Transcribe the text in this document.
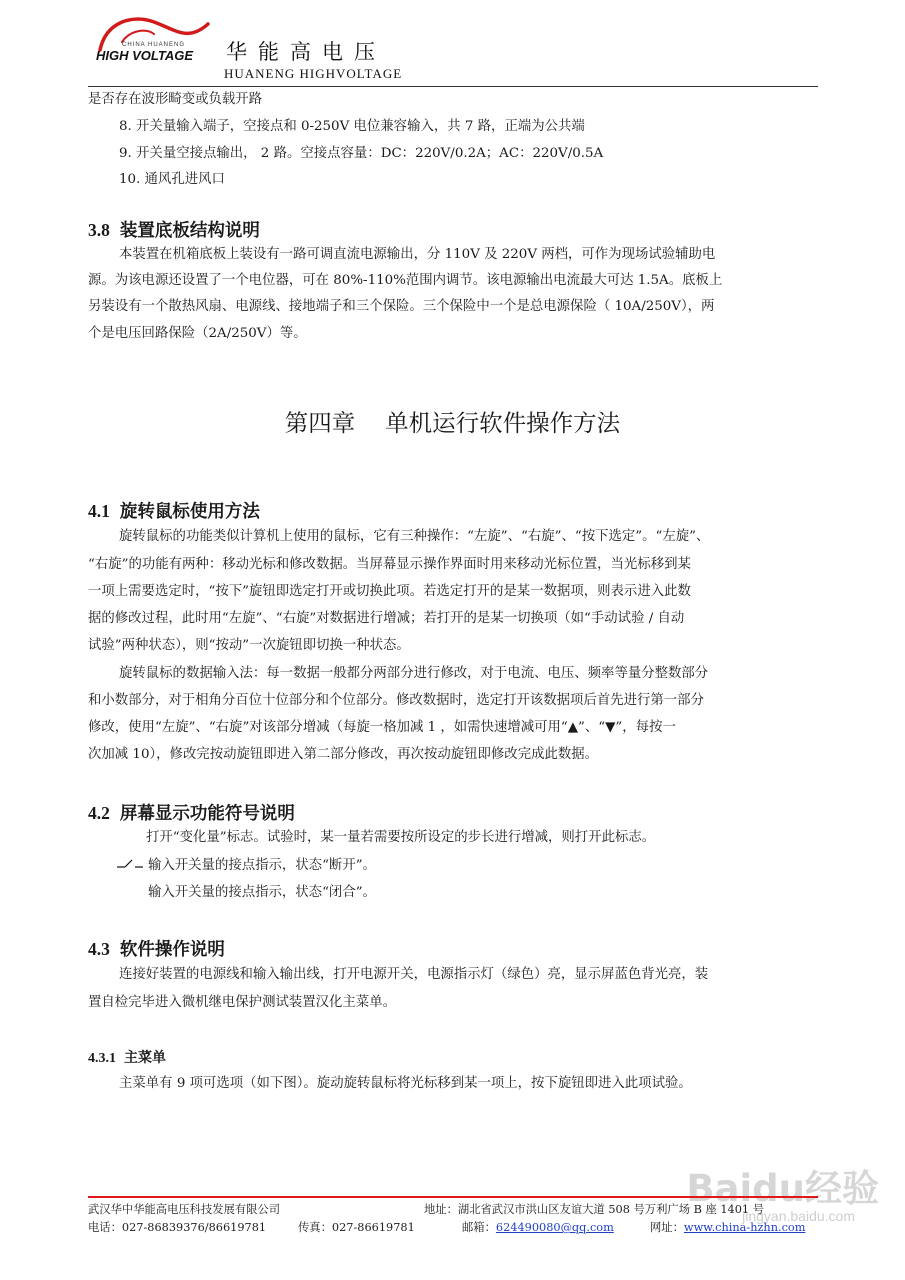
CHINA HUANENG
HIGH VOLTAGE 华能高电压
HUANENG HIGHVOLTAGE
是否存在波形畸变或负载开路
8. 开关量输入端子，空接点和 0-250V 电位兼容输入，共 7 路，正端为公共端
9. 开关量空接点输出， 2 路。空接点容量：DC：220V/0.2A；AC：220V/0.5A
10. 通风孔进风口
3.8 装置底板结构说明
本装置在机箱底板上装设有一路可调直流电源输出，分 110V 及 220V 两档，可作为现场试验辅助电
源。为该电源还设置了一个电位器，可在 80%-110%范围内调节。该电源输出电流最大可达 1.5A。底板上
另装设有一个散热风扇、电源线、接地端子和三个保险。三个保险中一个是总电源保险（ 10A/250V），两
个是电压回路保险（2A/250V）等。
第四章    单机运行软件操作方法
4.1 旋转鼠标使用方法
旋转鼠标的功能类似计算机上使用的鼠标，它有三种操作：“左旋”、“右旋”、“按下选定”。“左旋”、
“右旋”的功能有两种：移动光标和修改数据。当屏幕显示操作界面时用来移动光标位置，当光标移到某
一项上需要选定时，“按下”旋钮即选定打开或切换此项。若选定打开的是某一数据项，则表示进入此数
据的修改过程，此时用“左旋”、“右旋”对数据进行增减；若打开的是某一切换项（如“手动试验 / 自动
试验”两种状态），则“按动”一次旋钮即切换一种状态。
旋转鼠标的数据输入法：每一数据一般都分两部分进行修改，对于电流、电压、频率等量分整数部分
和小数部分，对于相角分百位十位部分和个位部分。修改数据时，选定打开该数据项后首先进行第一部分
修改，使用“左旋”、“右旋”对该部分增减（每旋一格加减 1 ，如需快速增减可用“▲”、“▼”，每按一
次加减 10），修改完按动旋钮即进入第二部分修改，再次按动旋钮即修改完成此数据。
4.2 屏幕显示功能符号说明
打开“变化量”标志。试验时，某一量若需要按所设定的步长进行增减，则打开此标志。
输入开关量的接点指示，状态“断开”。
输入开关量的接点指示，状态“闭合”。
4.3 软件操作说明
连接好装置的电源线和输入输出线，打开电源开关，电源指示灯（绿色）亮，显示屏蓝色背光亮，装
置自检完毕进入微机继电保护测试装置汉化主菜单。
4.3.1 主菜单
主菜单有 9 项可选项（如下图）。旋动旋转鼠标将光标移到某一项上，按下旋钮即进入此项试验。
Baidu经验
jingyan.baidu.com
武汉华中华能高电压科技发展有限公司	地址：湖北省武汉市洪山区友谊大道 508 号万利广场 B 座 1401 号
电话：027-86839376/86619781	传真：027-86619781	邮箱：624490080@qq.com	网址：www.china-hzhn.com
